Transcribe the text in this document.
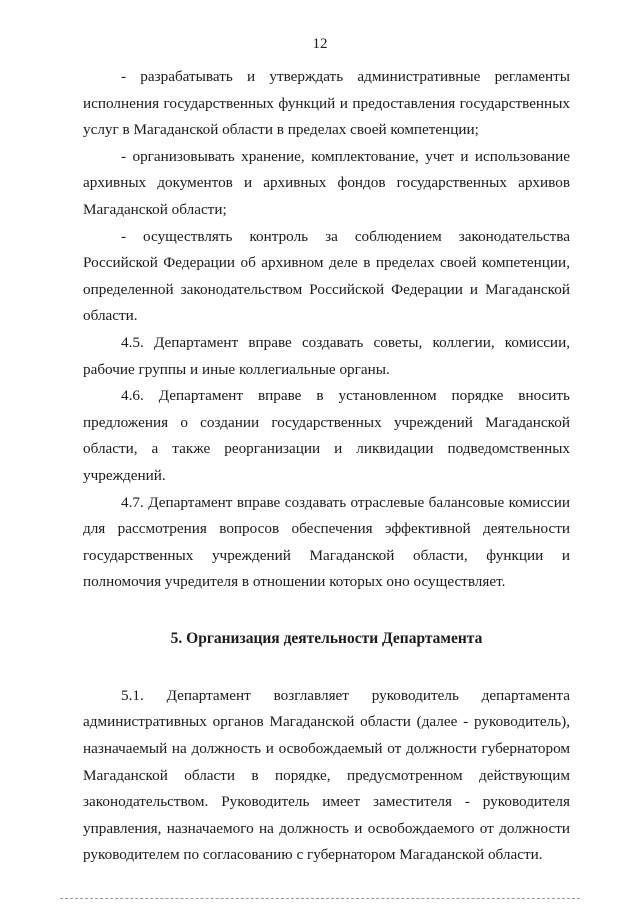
12

- разрабатывать и утверждать административные регламенты исполнения государственных функций и предоставления государственных услуг в Магаданской области в пределах своей компетенции;

- организовывать хранение, комплектование, учет и использование архивных документов и архивных фондов государственных архивов Магаданской области;

- осуществлять контроль за соблюдением законодательства Российской Федерации об архивном деле в пределах своей компетенции, определенной законодательством Российской Федерации и Магаданской области.

4.5. Департамент вправе создавать советы, коллегии, комиссии, рабочие группы и иные коллегиальные органы.

4.6. Департамент вправе в установленном порядке вносить предложения о создании государственных учреждений Магаданской области, а также реорганизации и ликвидации подведомственных учреждений.

4.7. Департамент вправе создавать отраслевые балансовые комиссии для рассмотрения вопросов обеспечения эффективной деятельности государственных учреждений Магаданской области, функции и полномочия учредителя в отношении которых оно осуществляет.

5. Организация деятельности Департамента

5.1. Департамент возглавляет руководитель департамента административных органов Магаданской области (далее - руководитель), назначаемый на должность и освобождаемый от должности губернатором Магаданской области в порядке, предусмотренном действующим законодательством. Руководитель имеет заместителя - руководителя управления, назначаемого на должность и освобождаемого от должности руководителем по согласованию с губернатором Магаданской области.
